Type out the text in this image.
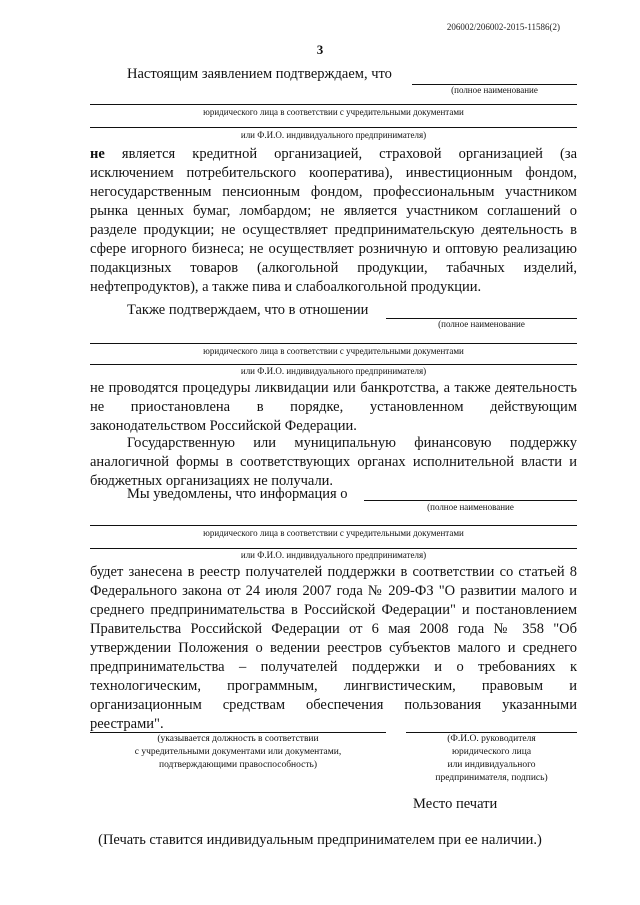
206002/206002-2015-11586(2)
3
Настоящим заявлением подтверждаем, что
(полное наименование
юридического лица в соответствии с учредительными документами
или Ф.И.О. индивидуального предпринимателя)

не является кредитной организацией, страховой организацией (за исключением потребительского кооператива), инвестиционным фондом, негосударственным пенсионным фондом, профессиональным участником рынка ценных бумаг, ломбардом; не является участником соглашений о разделе продукции; не осуществляет предпринимательскую деятельность в сфере игорного бизнеса; не осуществляет розничную и оптовую реализацию подакцизных товаров (алкогольной продукции, табачных изделий, нефтепродуктов), а также пива и слабоалкогольной продукции.

Также подтверждаем, что в отношении
(полное наименование
юридического лица в соответствии с учредительными документами
или Ф.И.О. индивидуального предпринимателя)

не проводятся процедуры ликвидации или банкротства, а также деятельность не приостановлена в порядке, установленном действующим законодательством Российской Федерации.

Государственную или муниципальную финансовую поддержку аналогичной формы в соответствующих органах исполнительной власти и бюджетных организациях не получали.

Мы уведомлены, что информация о
(полное наименование
юридического лица в соответствии с учредительными документами
или Ф.И.О. индивидуального предпринимателя)

будет занесена в реестр получателей поддержки в соответствии со статьей 8 Федерального закона от 24 июля 2007 года № 209-ФЗ "О развитии малого и среднего предпринимательства в Российской Федерации" и постановлением Правительства Российской Федерации от 6 мая 2008 года № 358 "Об утверждении Положения о ведении реестров субъектов малого и среднего предпринимательства – получателей поддержки и о требованиях к технологическим, программным, лингвистическим, правовым и организационным средствам обеспечения пользования указанными реестрами".

(указывается должность в соответствии
с учредительными документами или документами,
подтверждающими правоспособность)
(Ф.И.О. руководителя
юридического лица
или индивидуального
предпринимателя, подпись)
Место печати
(Печать ставится индивидуальным предпринимателем при ее наличии.)
